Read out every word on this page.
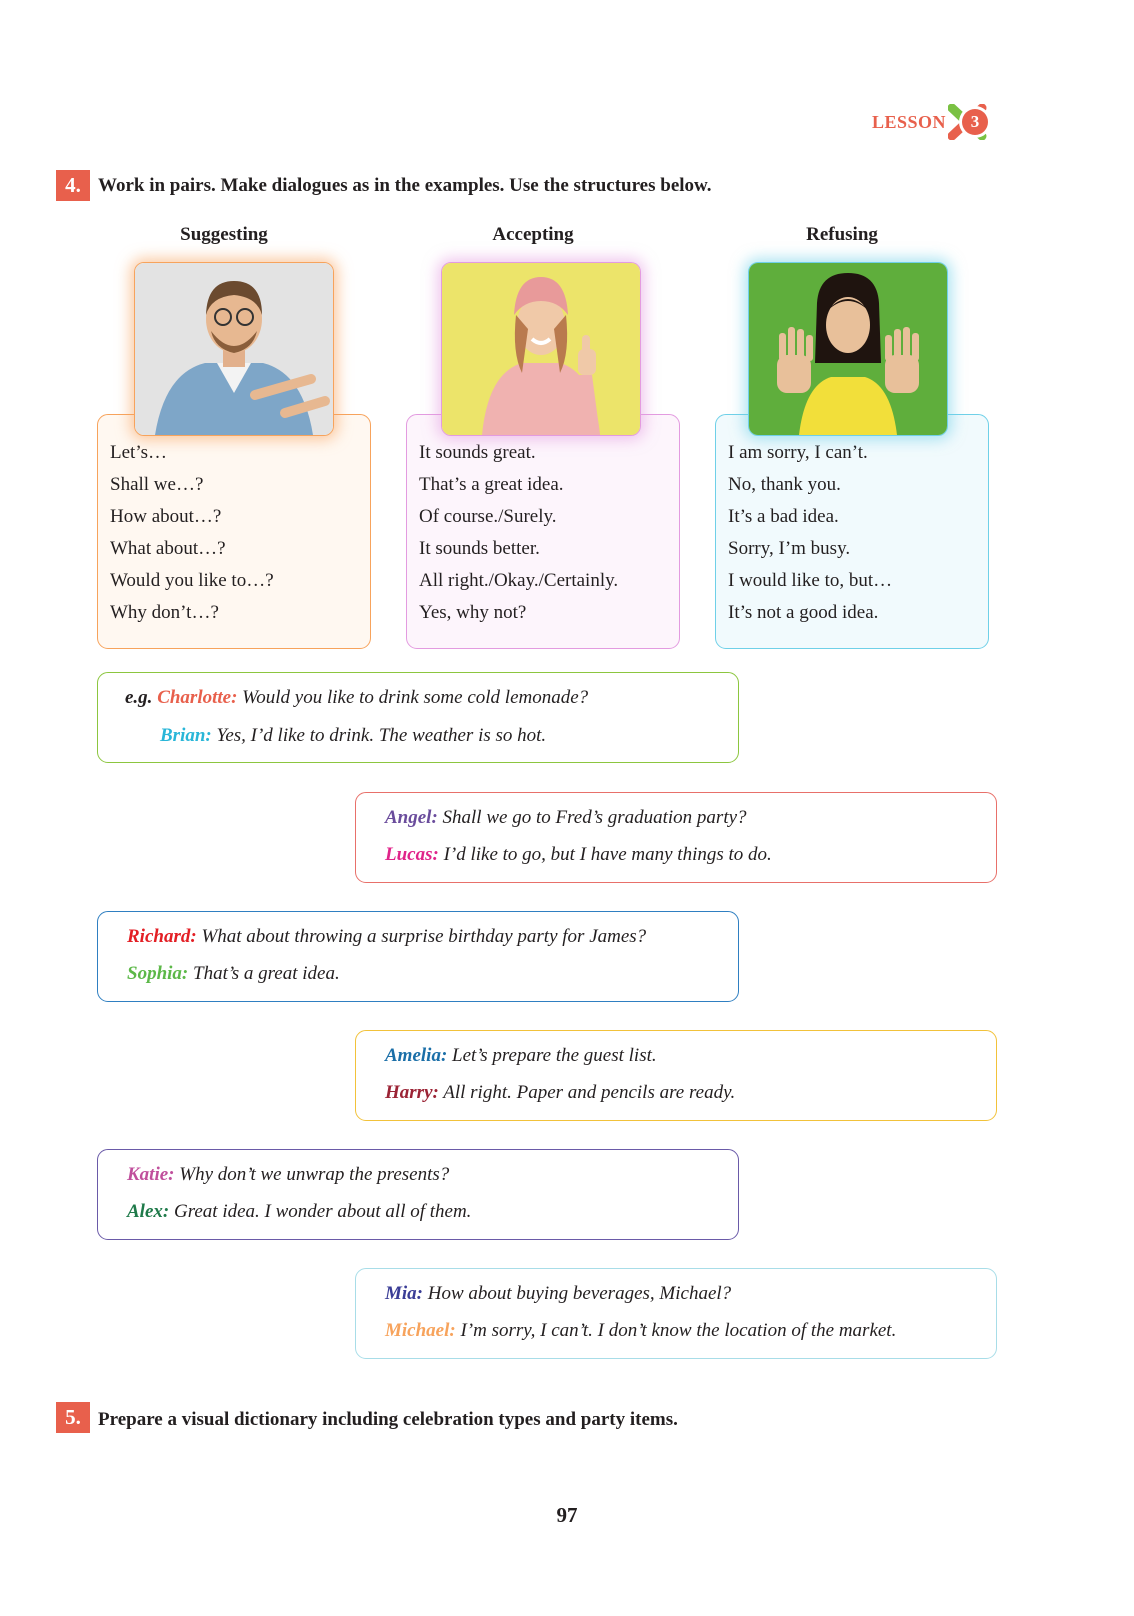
LESSON	3
4. Work in pairs. Make dialogues as in the examples. Use the structures below.
Suggesting	Accepting	Refusing
Let’s…
Shall we…?
How about…?
What about…?
Would you like to…?
Why don’t…?
It sounds great.
That’s a great idea.
Of course./Surely.
It sounds better.
All right./Okay./Certainly.
Yes, why not?
I am sorry, I can’t.
No, thank you.
It’s a bad idea.
Sorry, I’m busy.
I would like to, but…
It’s not a good idea.
e.g. Charlotte: Would you like to drink some cold lemonade?
Brian: Yes, I’d like to drink. The weather is so hot.
Angel: Shall we go to Fred’s graduation party?
Lucas: I’d like to go, but I have many things to do.
Richard: What about throwing a surprise birthday party for James?
Sophia: That’s a great idea.
Amelia: Let’s prepare the guest list.
Harry: All right. Paper and pencils are ready.
Katie: Why don’t we unwrap the presents?
Alex: Great idea. I wonder about all of them.
Mia: How about buying beverages, Michael?
Michael: I’m sorry, I can’t. I don’t know the location of the market.
5. Prepare a visual dictionary including celebration types and party items.
97
